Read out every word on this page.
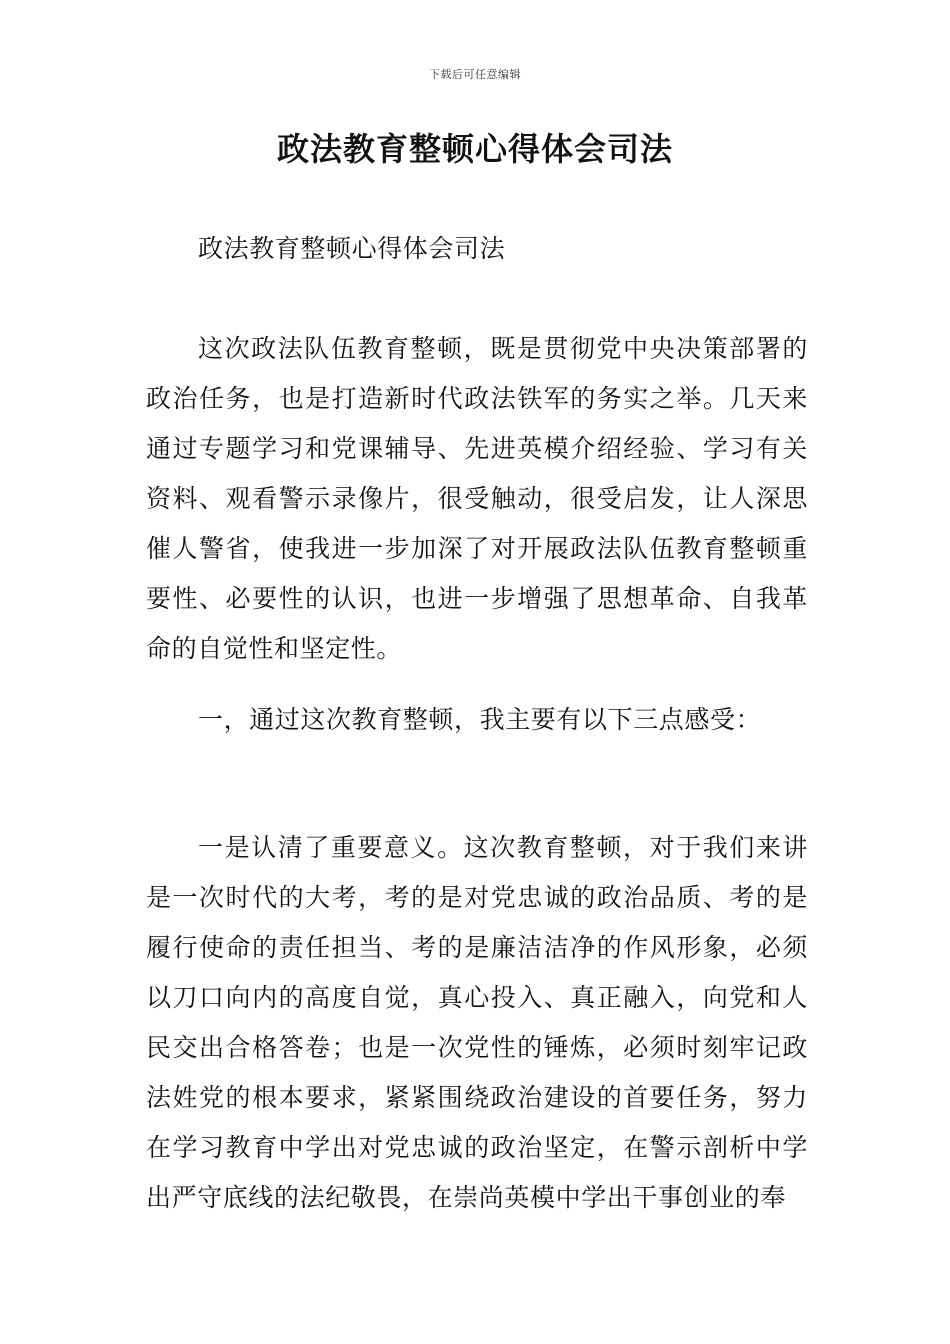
下载后可任意编辑
政法教育整顿心得体会司法

政法教育整顿心得体会司法

这次政法队伍教育整顿，既是贯彻党中央决策部署的政治任务，也是打造新时代政法铁军的务实之举。几天来通过专题学习和党课辅导、先进英模介绍经验、学习有关资料、观看警示录像片，很受触动，很受启发，让人深思催人警省，使我进一步加深了对开展政法队伍教育整顿重要性、必要性的认识，也进一步增强了思想革命、自我革命的自觉性和坚定性。

一，通过这次教育整顿，我主要有以下三点感受：

一是认清了重要意义。这次教育整顿，对于我们来讲是一次时代的大考，考的是对党忠诚的政治品质、考的是履行使命的责任担当、考的是廉洁洁净的作风形象，必须以刀口向内的高度自觉，真心投入、真正融入，向党和人民交出合格答卷；也是一次党性的锤炼，必须时刻牢记政法姓党的根本要求，紧紧围绕政治建设的首要任务，努力在学习教育中学出对党忠诚的政治坚定，在警示剖析中学出严守底线的法纪敬畏，在崇尚英模中学出干事创业的奉
